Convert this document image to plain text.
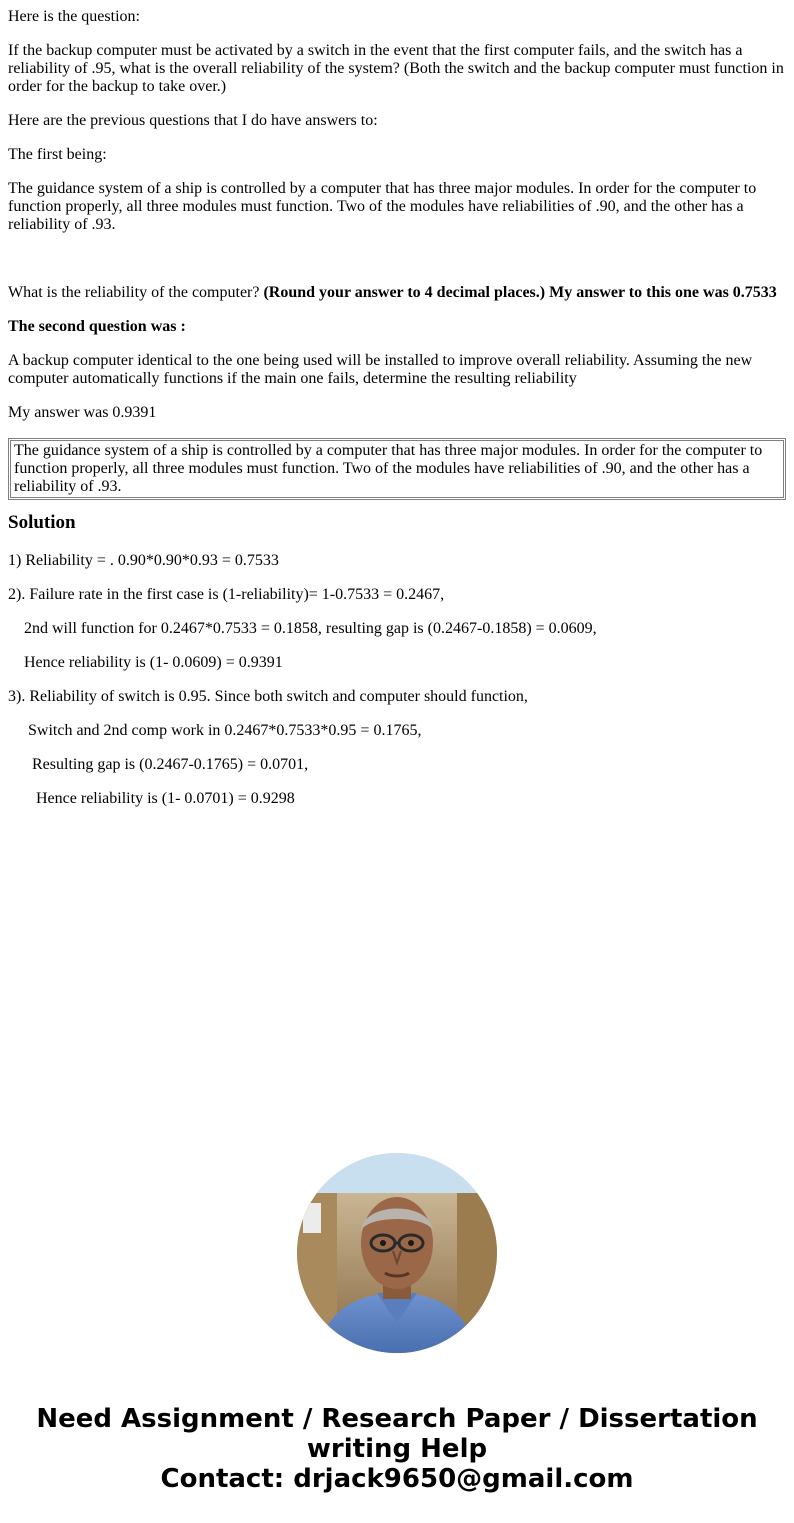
Here is the question:

If the backup computer must be activated by a switch in the event that the first computer fails, and the switch has a reliability of .95, what is the overall reliability of the system? (Both the switch and the backup computer must function in order for the backup to take over.)

Here are the previous questions that I do have answers to:

The first being:

The guidance system of a ship is controlled by a computer that has three major modules. In order for the computer to function properly, all three modules must function. Two of the modules have reliabilities of .90, and the other has a reliability of .93.

What is the reliability of the computer? (Round your answer to 4 decimal places.) My answer to this one was 0.7533

The second question was :

A backup computer identical to the one being used will be installed to improve overall reliability. Assuming the new computer automatically functions if the main one fails, determine the resulting reliability

My answer was 0.9391

The guidance system of a ship is controlled by a computer that has three major modules. In order for the computer to function properly, all three modules must function. Two of the modules have reliabilities of .90, and the other has a reliability of .93.
Solution

1) Reliability = . 0.90*0.90*0.93 = 0.7533

2). Failure rate in the first case is (1-reliability)= 1-0.7533 = 0.2467,

2nd will function for 0.2467*0.7533 = 0.1858, resulting gap is (0.2467-0.1858) = 0.0609,

Hence reliability is (1- 0.0609) = 0.9391

3). Reliability of switch is 0.95. Since both switch and computer should function,

Switch and 2nd comp work in 0.2467*0.7533*0.95 = 0.1765,

Resulting gap is (0.2467-0.1765) = 0.0701,

Hence reliability is (1- 0.0701) = 0.9298

Need Assignment / Research Paper / Dissertation
writing Help
Contact: drjack9650@gmail.com
